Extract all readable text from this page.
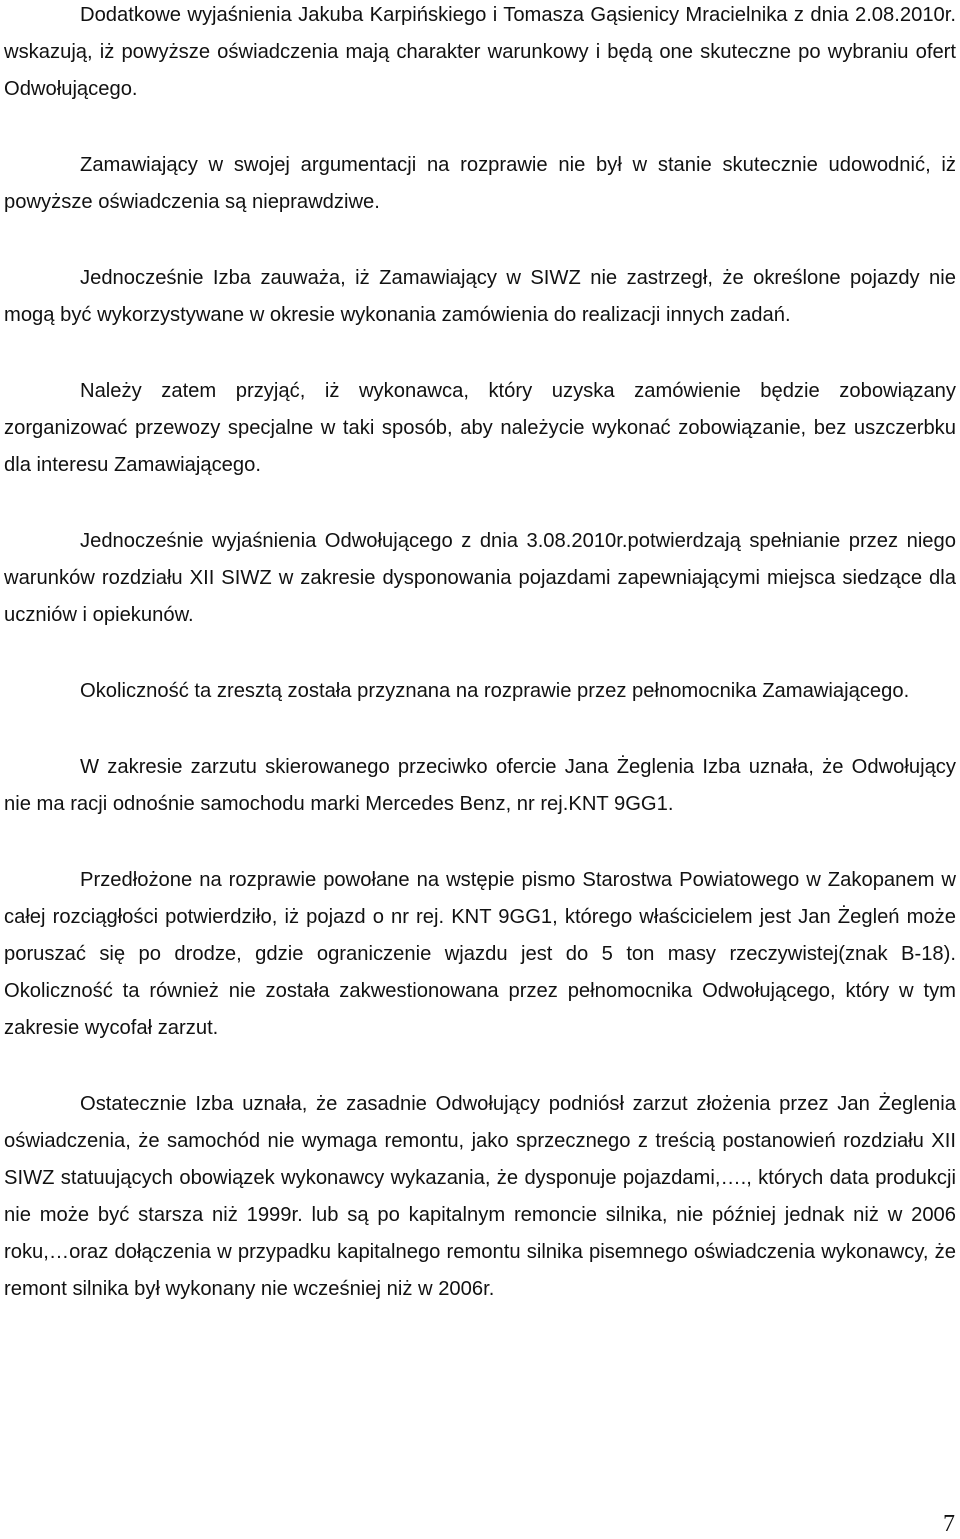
Dodatkowe wyjaśnienia Jakuba Karpińskiego i Tomasza Gąsienicy Mracielnika z dnia 2.08.2010r. wskazują, iż powyższe oświadczenia mają charakter warunkowy i będą one skuteczne po wybraniu ofert Odwołującego.

Zamawiający w swojej argumentacji na rozprawie nie był w stanie skutecznie udowodnić, iż powyższe oświadczenia są nieprawdziwe.

Jednocześnie Izba zauważa, iż Zamawiający w SIWZ nie zastrzegł, że określone pojazdy nie mogą być wykorzystywane w okresie wykonania zamówienia do realizacji innych zadań.

Należy zatem przyjąć, iż wykonawca, który uzyska zamówienie będzie zobowiązany zorganizować przewozy specjalne w taki sposób, aby należycie wykonać zobowiązanie, bez uszczerbku dla interesu Zamawiającego.

Jednocześnie wyjaśnienia Odwołującego z dnia 3.08.2010r.potwierdzają spełnianie przez niego warunków rozdziału XII SIWZ w zakresie dysponowania pojazdami zapewniającymi miejsca siedzące dla uczniów i opiekunów.

Okoliczność ta zresztą została przyznana na rozprawie przez pełnomocnika Zamawiającego.

W zakresie zarzutu skierowanego przeciwko ofercie Jana Żeglenia Izba uznała, że Odwołujący nie ma racji odnośnie samochodu marki Mercedes Benz, nr rej.KNT 9GG1.

Przedłożone na rozprawie powołane na wstępie pismo Starostwa Powiatowego w Zakopanem w całej rozciągłości potwierdziło, iż pojazd o nr rej. KNT 9GG1, którego właścicielem jest Jan Żegleń może poruszać się po drodze, gdzie ograniczenie wjazdu jest do 5 ton masy rzeczywistej(znak B-18). Okoliczność ta również nie została zakwestionowana przez pełnomocnika Odwołującego, który w tym zakresie wycofał zarzut.

Ostatecznie Izba uznała, że zasadnie Odwołujący podniósł zarzut złożenia przez Jan Żeglenia oświadczenia, że samochód nie wymaga remontu, jako sprzecznego z treścią postanowień rozdziału XII SIWZ statuujących obowiązek wykonawcy wykazania, że dysponuje pojazdami,…., których data produkcji nie może być starsza niż 1999r. lub są po kapitalnym remoncie silnika, nie później jednak niż w 2006 roku,…oraz dołączenia w przypadku kapitalnego remontu silnika pisemnego oświadczenia wykonawcy, że remont silnika był wykonany nie wcześniej niż w 2006r.

7
